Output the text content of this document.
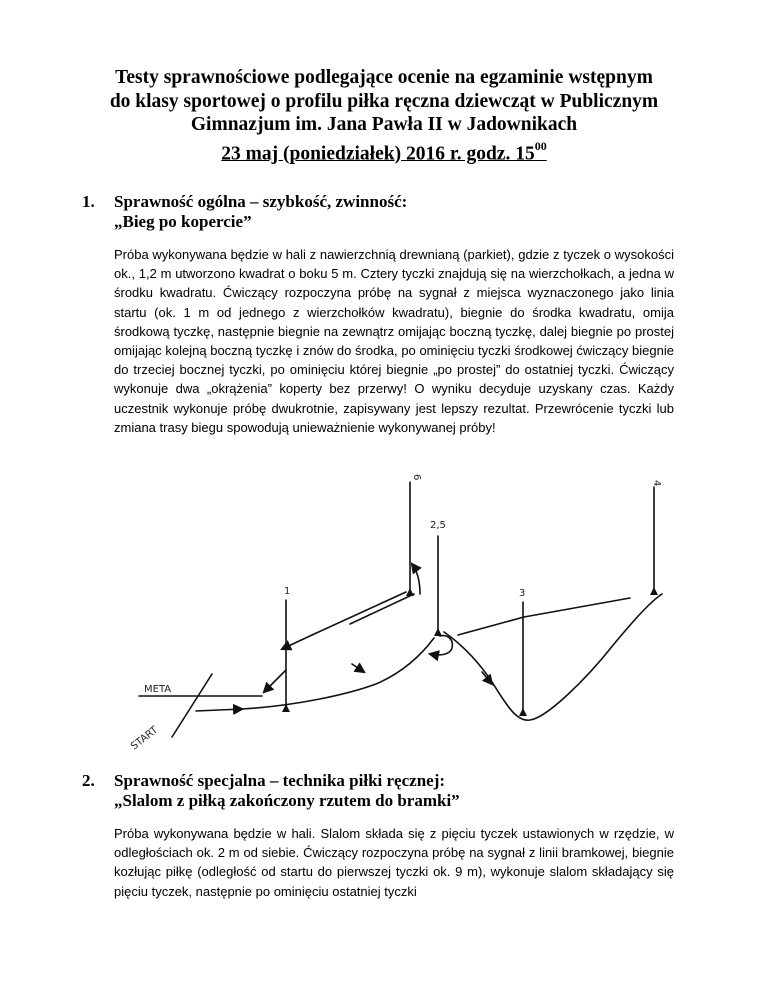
Testy sprawnościowe podlegające ocenie na egzaminie wstępnym
do klasy sportowej o profilu piłka ręczna dziewcząt w Publicznym
Gimnazjum im. Jana Pawła II w Jadownikach
23 maj (poniedziałek) 2016 r. godz. $15^{00}$
1. Sprawność ogólna – szybkość, zwinność:
„Bieg po kopercie”
Próba wykonywana będzie w hali z nawierzchnią drewnianą (parkiet), gdzie z tyczek o wysokości ok., 1,2 m utworzono kwadrat o boku 5 m. Cztery tyczki znajdują się na wierzchołkach, a jedna w środku kwadratu. Ćwiczący rozpoczyna próbę na sygnał z miejsca wyznaczonego jako linia startu (ok. 1 m od jednego z wierzchołków kwadratu), biegnie do środka kwadratu, omija środkową tyczkę, następnie biegnie na zewnątrz omijając boczną tyczkę, dalej biegnie po prostej omijając kolejną boczną tyczkę i znów do środka, po ominięciu tyczki środkowej ćwiczący biegnie do trzeciej bocznej tyczki, po ominięciu której biegnie „po prostej” do ostatniej tyczki. Ćwiczący wykonuje dwa „okrążenia” koperty bez przerwy! O wyniku decyduje uzyskany czas. Każdy uczestnik wykonuje próbę dwukrotnie, zapisywany jest lepszy rezultat. Przewrócenie tyczki lub zmiana trasy biegu spowodują unieważnienie wykonywanej próby!
1
6
2,5
3
4
META
START
2. Sprawność specjalna – technika piłki ręcznej:
„Slalom z piłką zakończony rzutem do bramki”
Próba wykonywana będzie w hali. Slalom składa się z pięciu tyczek ustawionych w rzędzie, w odległościach ok. 2 m od siebie. Ćwiczący rozpoczyna próbę na sygnał z linii bramkowej, biegnie kozłując piłkę (odległość od startu do pierwszej tyczki ok. 9 m), wykonuje slalom składający się pięciu tyczek, następnie po ominięciu ostatniej tyczki
